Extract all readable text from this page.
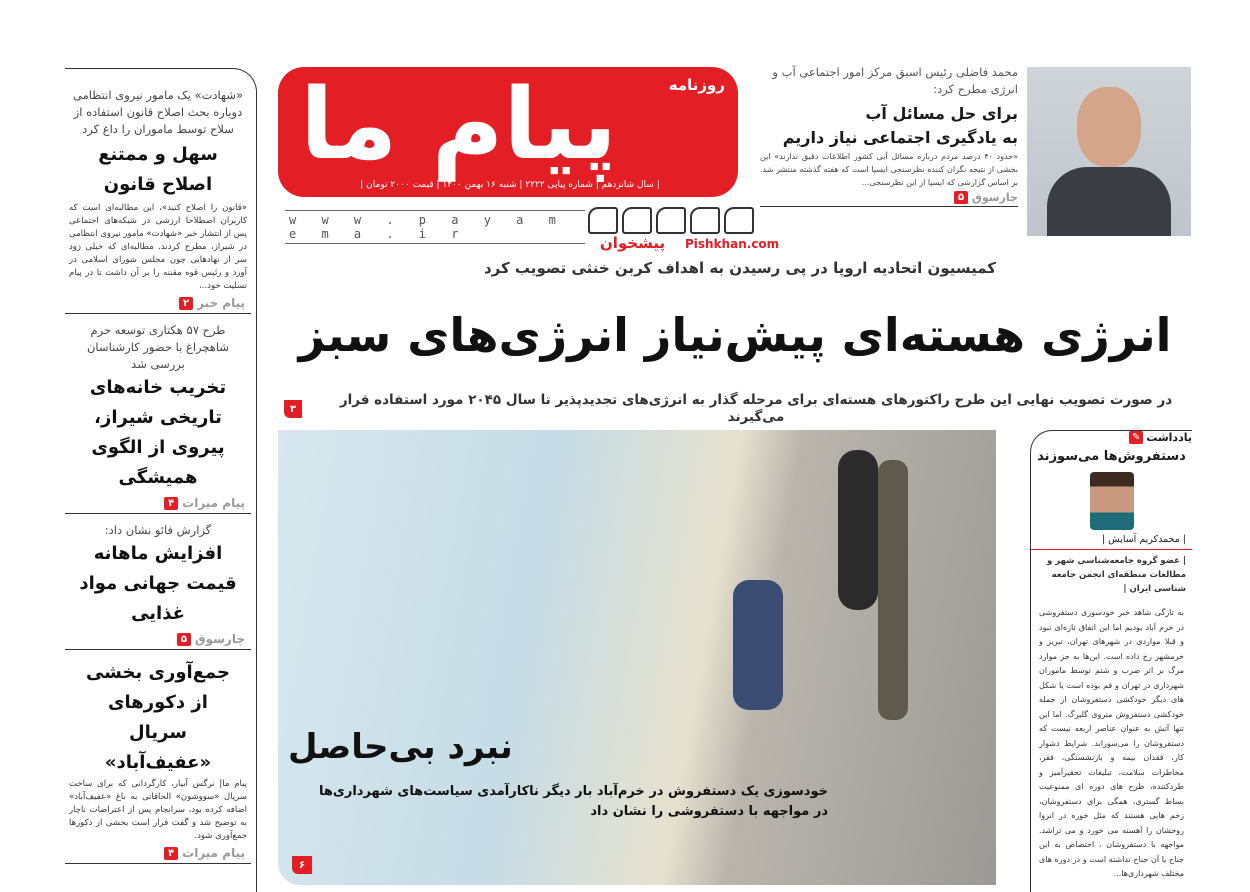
«شهادت» یک مامور نیروی انتظامی دوباره بحث اصلاح قانون استفاده از سلاح توسط ماموران را داغ کرد
سهل و ممتنع اصلاح قانون
«قانون را اصلاح کنید»، این مطالبه‌ای است که کاربران اصطلاحا ارزشی در شبکه‌های اجتماعی پس از انتشار خبر «شهادت» مامور نیروی انتظامی در شیراز، مطرح کردند. مطالبه‌ای که خیلی زود سر از نهادهایی چون مجلس شورای اسلامی در آورد و رئیس قوه مقننه را بر آن داشت تا در پیام تسلیت خود...
پیام خبر
۲
طرح ۵۷ هکتاری توسعه حرم شاهچراغ با حضور کارشناسان بررسی شد
تخریب خانه‌های تاریخی شیراز، پیروی از الگوی همیشگی
پیام میراث
۴
گزارش فائو نشان داد:
افزایش ماهانه قیمت جهانی مواد غذایی
چارسوق
۵
جمع‌آوری بخشی از دکورهای سریال «عفیف‌آباد»
پیام ما| نرگس آبیار، کارگردانی که برای ساخت سریال «سووشون» الحاقاتی به باغ «عفیف‌آباد» اضافه کرده بود، سرانجام پس از اعتراضات ناچار به توضیح شد و گفت قرار است بخشی از دکورها جمع‌آوری شود.
پیام میراث
۴
پیام ما	روزنامه
| سال شانزدهم | شماره پیاپی ۲۲۲۲ | شنبه ۱۶ بهمن ۱۴۰۰ | قیمت ۲۰۰۰ تومان |
w w w . p a y a m e m a . i r
محمد فاضلی رئیس اسبق مرکز امور اجتماعی آب و انرژی مطرح کرد:
برای حل مسائل آب
به یادگیری اجتماعی نیاز داریم
«حدود ۴۰ درصد مردم درباره مسائل آبی کشور اطلاعات دقیق ندارند» این بخشی از نتیجه نگران کننده نظرسنجی ایسپا است که هفته گذشته منتشر شد. بر اساس گزارشی که ایسپا از این نظرسنجی...
چارسوق
۵
پیشخوان Pishkhan.com
کمیسیون اتحادیه اروپا در پی رسیدن به اهداف کربن خنثی تصویب کرد
انرژی هسته‌ای پیش‌نیاز انرژی‌های سبز
در صورت تصویب نهایی این طرح راکتورهای هسته‌ای برای مرحله گذار به انرژی‌های تجدیدپذیر تا سال ۲۰۴۵ مورد استفاده قرار می‌گیرند
۳
نبرد بی‌حاصل
خودسوزی یک دستفروش در خرم‌آباد بار دیگر ناکارآمدی سیاست‌های شهرداری‌ها
در مواجهه با دستفروشی را نشان داد
۶
یادداشت
✎
دستفروش‌ها می‌سوزند
| محمدکریم آسایش |
| عضو گروه جامعه‌شناسی شهر و مطالعات منطقه‌ای انجمن جامعه شناسی ایران |
به تازگی شاهد خبر خودسوزی دستفروشی در خرم آباد بودیم اما این اتفاق تازه‌ای نبود و قبلا مواردی در شهرهای تهران، تبریز و خرمشهر رخ داده است. این‌ها به جز موارد مرگ بر اثر ضرب و شتم توسط ماموران شهرداری در تهران و قم بوده است یا شکل های دیگر خودکشی دستفروشان از جمله خودکشی دستفروش متروی گلبرگ. اما این تنها آتش به عنوان عناصر اربعه نیست که دستفروشان را می‌سوزاند. شرایط دشوار کار، فقدان بیمه و بازنشستگی، فقر، مخاطرات سلامت، تبلیغات تحقیرآمیز و طردکننده، طرح های دوره ای ممنوعیت بساط گستری، همگی برای دستفروشان، زخم هایی هستند که مثل خوره در انزوا روحشان را آهسته می خورد و می تراشد. مواجهه با دستفروشان ، اختصاص به این جناح یا آن جناح نداشته است و در دوره های مختلف شهرداری‌ها...
